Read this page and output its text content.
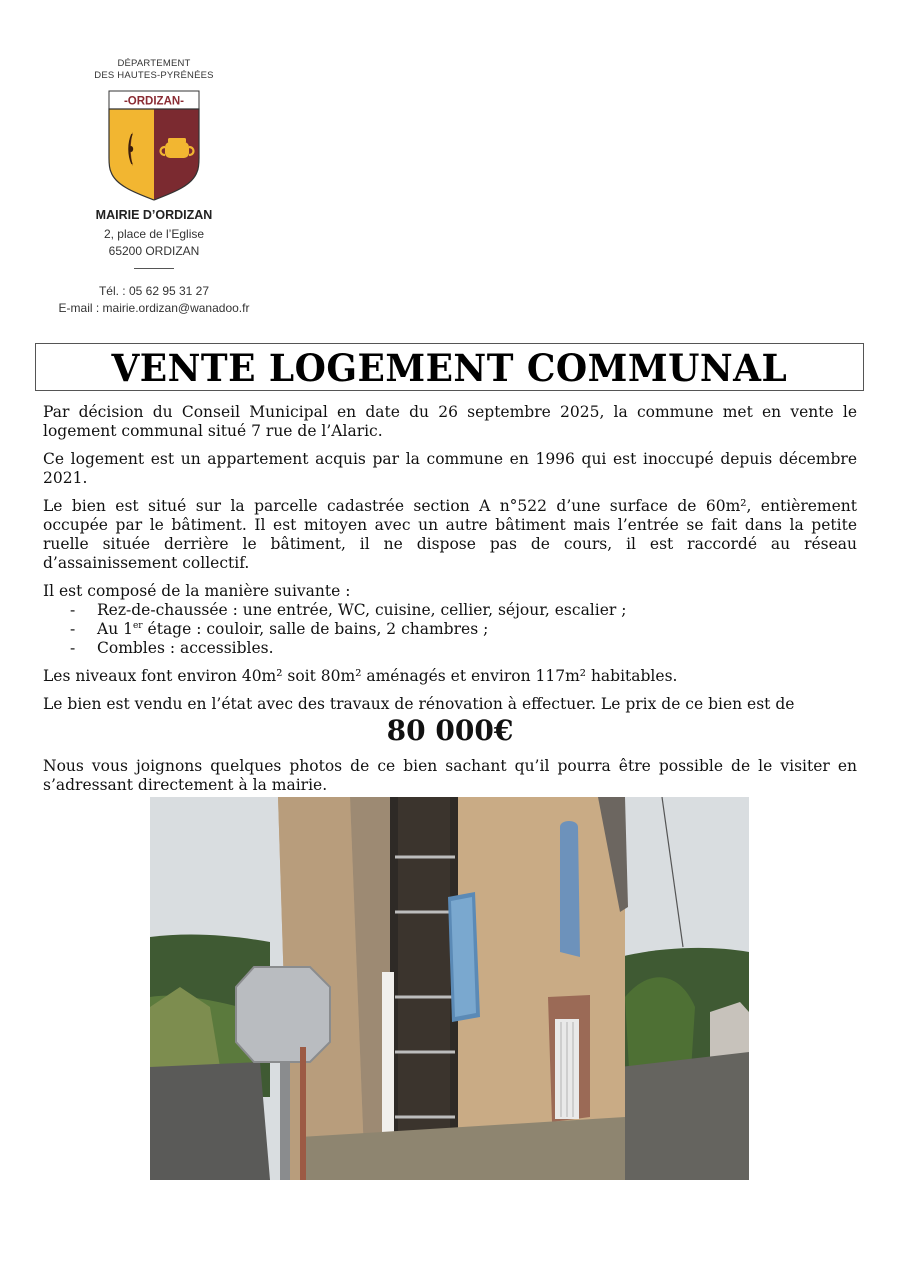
DÉPARTEMENT
DES HAUTES-PYRÉNÉES
-ORDIZAN-
MAIRIE D’ORDIZAN
2, place de l’Eglise
65200 ORDIZAN
Tél. : 05 62 95 31 27
E-mail : mairie.ordizan@wanadoo.fr
VENTE LOGEMENT COMMUNAL

Par décision du Conseil Municipal en date du 26 septembre 2025, la commune met en vente le logement communal situé 7 rue de l’Alaric.

Ce logement est un appartement acquis par la commune en 1996 qui est inoccupé depuis décembre 2021.

Le bien est situé sur la parcelle cadastrée section A n°522 d’une surface de 60m², entièrement occupée par le bâtiment. Il est mitoyen avec un autre bâtiment mais l’entrée se fait dans la petite ruelle située derrière le bâtiment, il ne dispose pas de cours, il est raccordé au réseau d’assainissement collectif.

Il est composé de la manière suivante :
- Rez-de-chaussée : une entrée, WC, cuisine, cellier, séjour, escalier ;
- Au 1er étage : couloir, salle de bains, 2 chambres ;
- Combles : accessibles.

Les niveaux font environ 40m² soit 80m² aménagés et environ 117m² habitables.

Le bien est vendu en l’état avec des travaux de rénovation à effectuer. Le prix de ce bien est de

80 000€

Nous vous joignons quelques photos de ce bien sachant qu’il pourra être possible de le visiter en s’adressant directement à la mairie.
